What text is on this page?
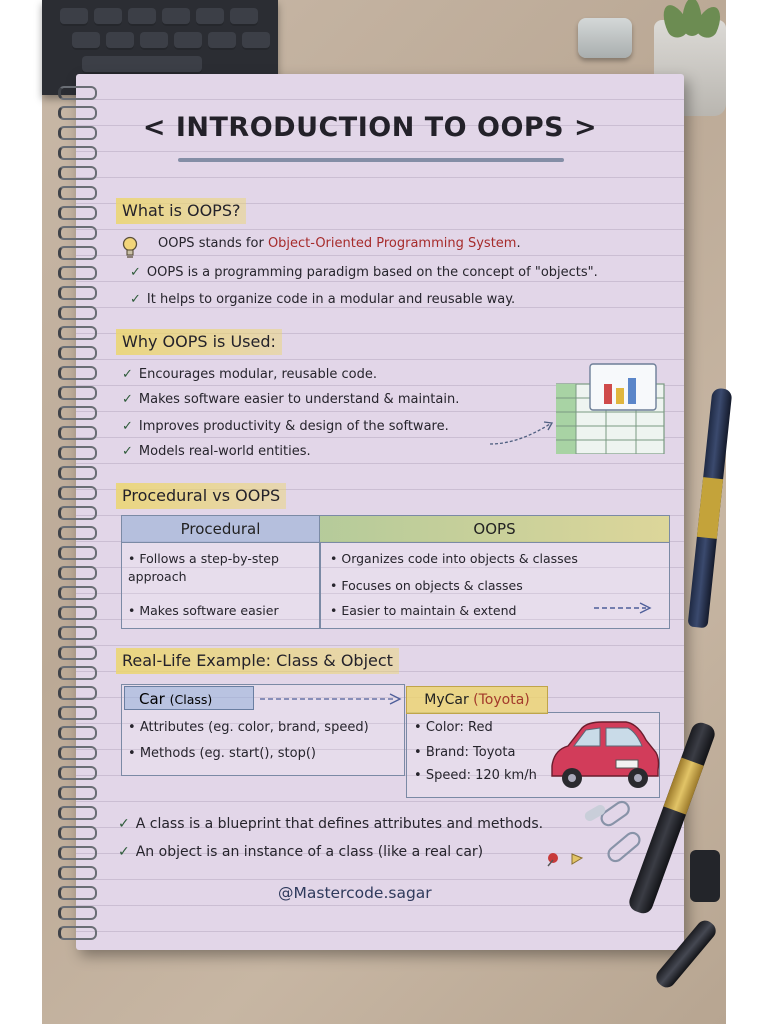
< INTRODUCTION TO OOPS >
What is OOPS?
OOPS stands for Object-Oriented Programming System.
✓ OOPS is a programming paradigm based on the concept of "objects".
✓ It helps to organize code in a modular and reusable way.
Why OOPS is Used:
✓ Encourages modular, reusable code.
✓ Makes software easier to understand & maintain.
✓ Improves productivity & design of the software.
✓ Models real-world entities.
Procedural vs OOPS
Procedural	OOPS
• Follows a step-by-step approach
• Makes software easier
• Organizes code into objects & classes
• Focuses on objects & classes
• Easier to maintain & extend
Real-Life Example: Class & Object
Car (Class)
• Attributes (eg. color, brand, speed)
• Methods (eg. start(), stop()
MyCar (Toyota)
• Color: Red
• Brand: Toyota
• Speed: 120 km/h
✓ A class is a blueprint that defines attributes and methods.
✓ An object is an instance of a class (like a real car)
@Mastercode.sagar
